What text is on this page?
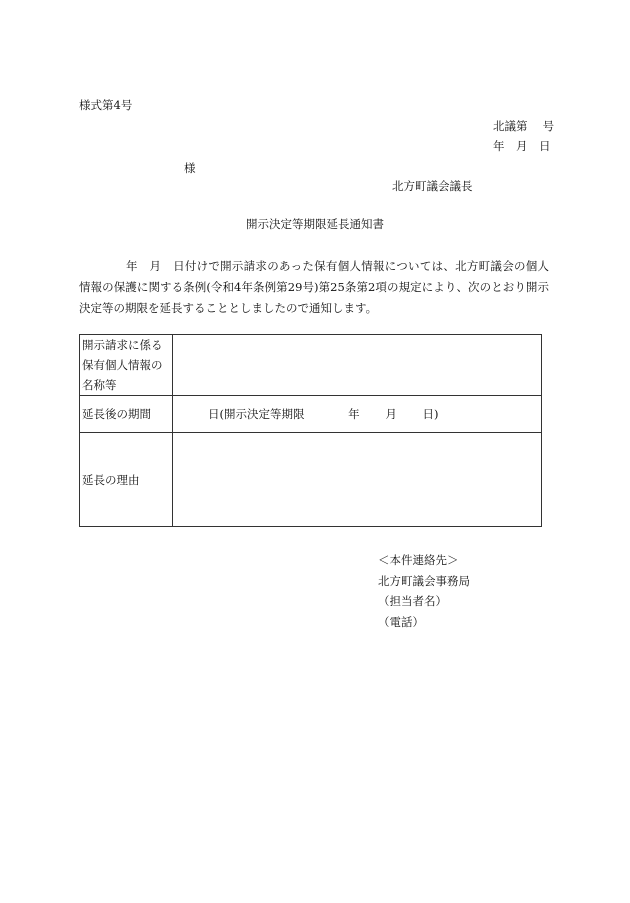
様式第4号
北議第　 号
年　月　日
様
北方町議会議長
開示決定等期限延長通知書
年　月　日付けで開示請求のあった保有個人情報については、北方町議会の個人情報の保護に関する条例(令和4年条例第29号)第25条第2項の規定により、次のとおり開示決定等の期限を延長することとしましたので通知します。
開示請求に係る保有個人情報の名称等	
延長後の期間	日(開示決定等期限 年 月 日)
延長の理由	
＜本件連絡先＞
北方町議会事務局
（担当者名）
（電話）
